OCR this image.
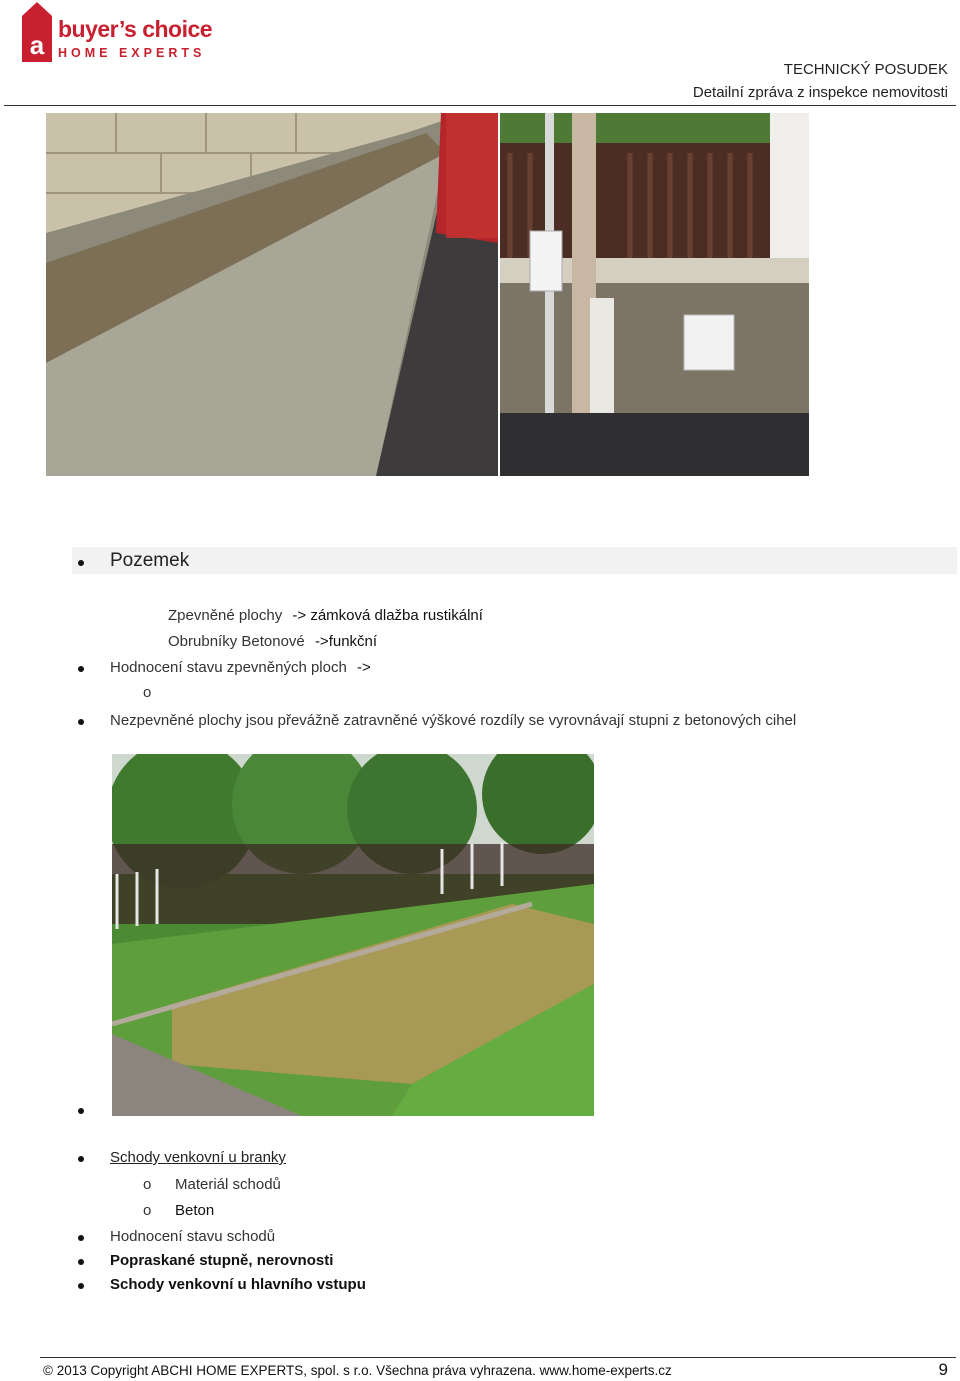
a
buyer’s choice
HOME EXPERTS
TECHNICKÝ POSUDEK
Detailní zpráva z inspekce nemovitosti
Pozemek
Zpevněné plochy -> zámková dlažba rustikální
Obrubníky Betonové ->funkční
Hodnocení stavu zpevněných ploch ->
o
Nezpevněné plochy jsou převážně zatravněné výškové rozdíly se vyrovnávají stupni z betonových cihel
Schody venkovní u branky
o Materiál schodů
o Beton
Hodnocení stavu schodů
Popraskané stupně, nerovnosti
Schody venkovní u hlavního vstupu
© 2013 Copyright ABCHI HOME EXPERTS, spol. s r.o. Všechna práva vyhrazena. www.home-experts.cz	9
